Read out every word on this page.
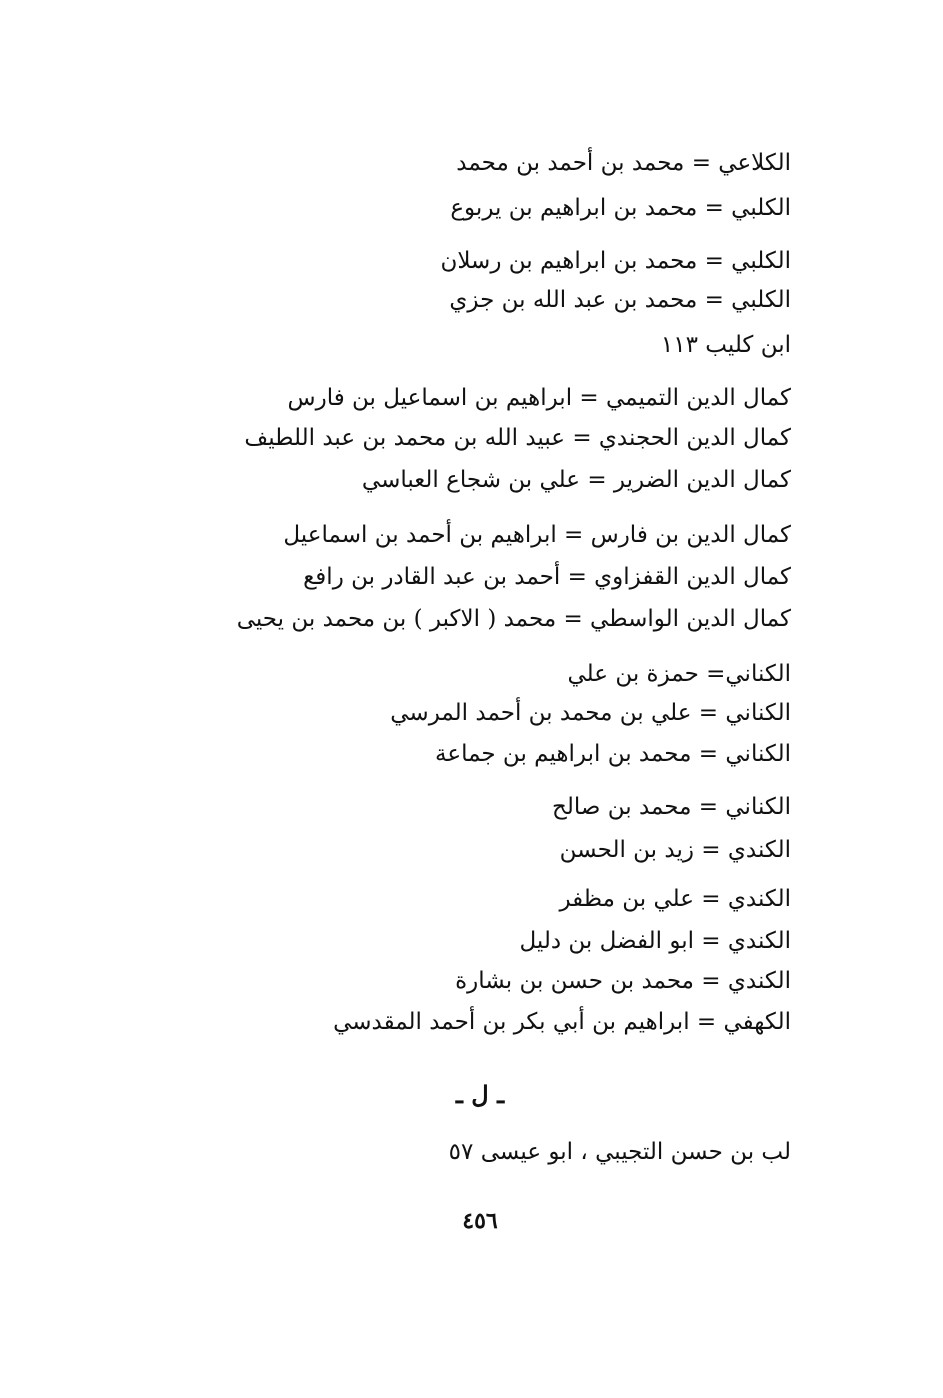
الكلاعي = محمد بن أحمد بن محمد
الكلبي = محمد بن ابراهيم بن يربوع
الكلبي = محمد بن ابراهيم بن رسلان
الكلبي = محمد بن عبد الله بن جزي
ابن كليب ١١٣
كمال الدين التميمي = ابراهيم بن اسماعيل بن فارس
كمال الدين الحجندي = عبيد الله بن محمد بن عبد اللطيف
كمال الدين الضرير = علي بن شجاع العباسي
كمال الدين بن فارس = ابراهيم بن أحمد بن اسماعيل
كمال الدين القفزاوي = أحمد بن عبد القادر بن رافع
كمال الدين الواسطي = محمد ( الاكبر ) بن محمد بن يحيى
الكناني= حمزة بن علي
الكناني = علي بن محمد بن أحمد المرسي
الكناني = محمد بن ابراهيم بن جماعة
الكناني = محمد بن صالح
الكندي = زيد بن الحسن
الكندي = علي بن مظفر
الكندي = ابو الفضل بن دليل
الكندي = محمد بن حسن بن بشارة
الكهفي = ابراهيم بن أبي بكر بن أحمد المقدسي
ـ ل ـ
لب بن حسن التجيبي ، ابو عيسى ٥٧
٤٥٦
